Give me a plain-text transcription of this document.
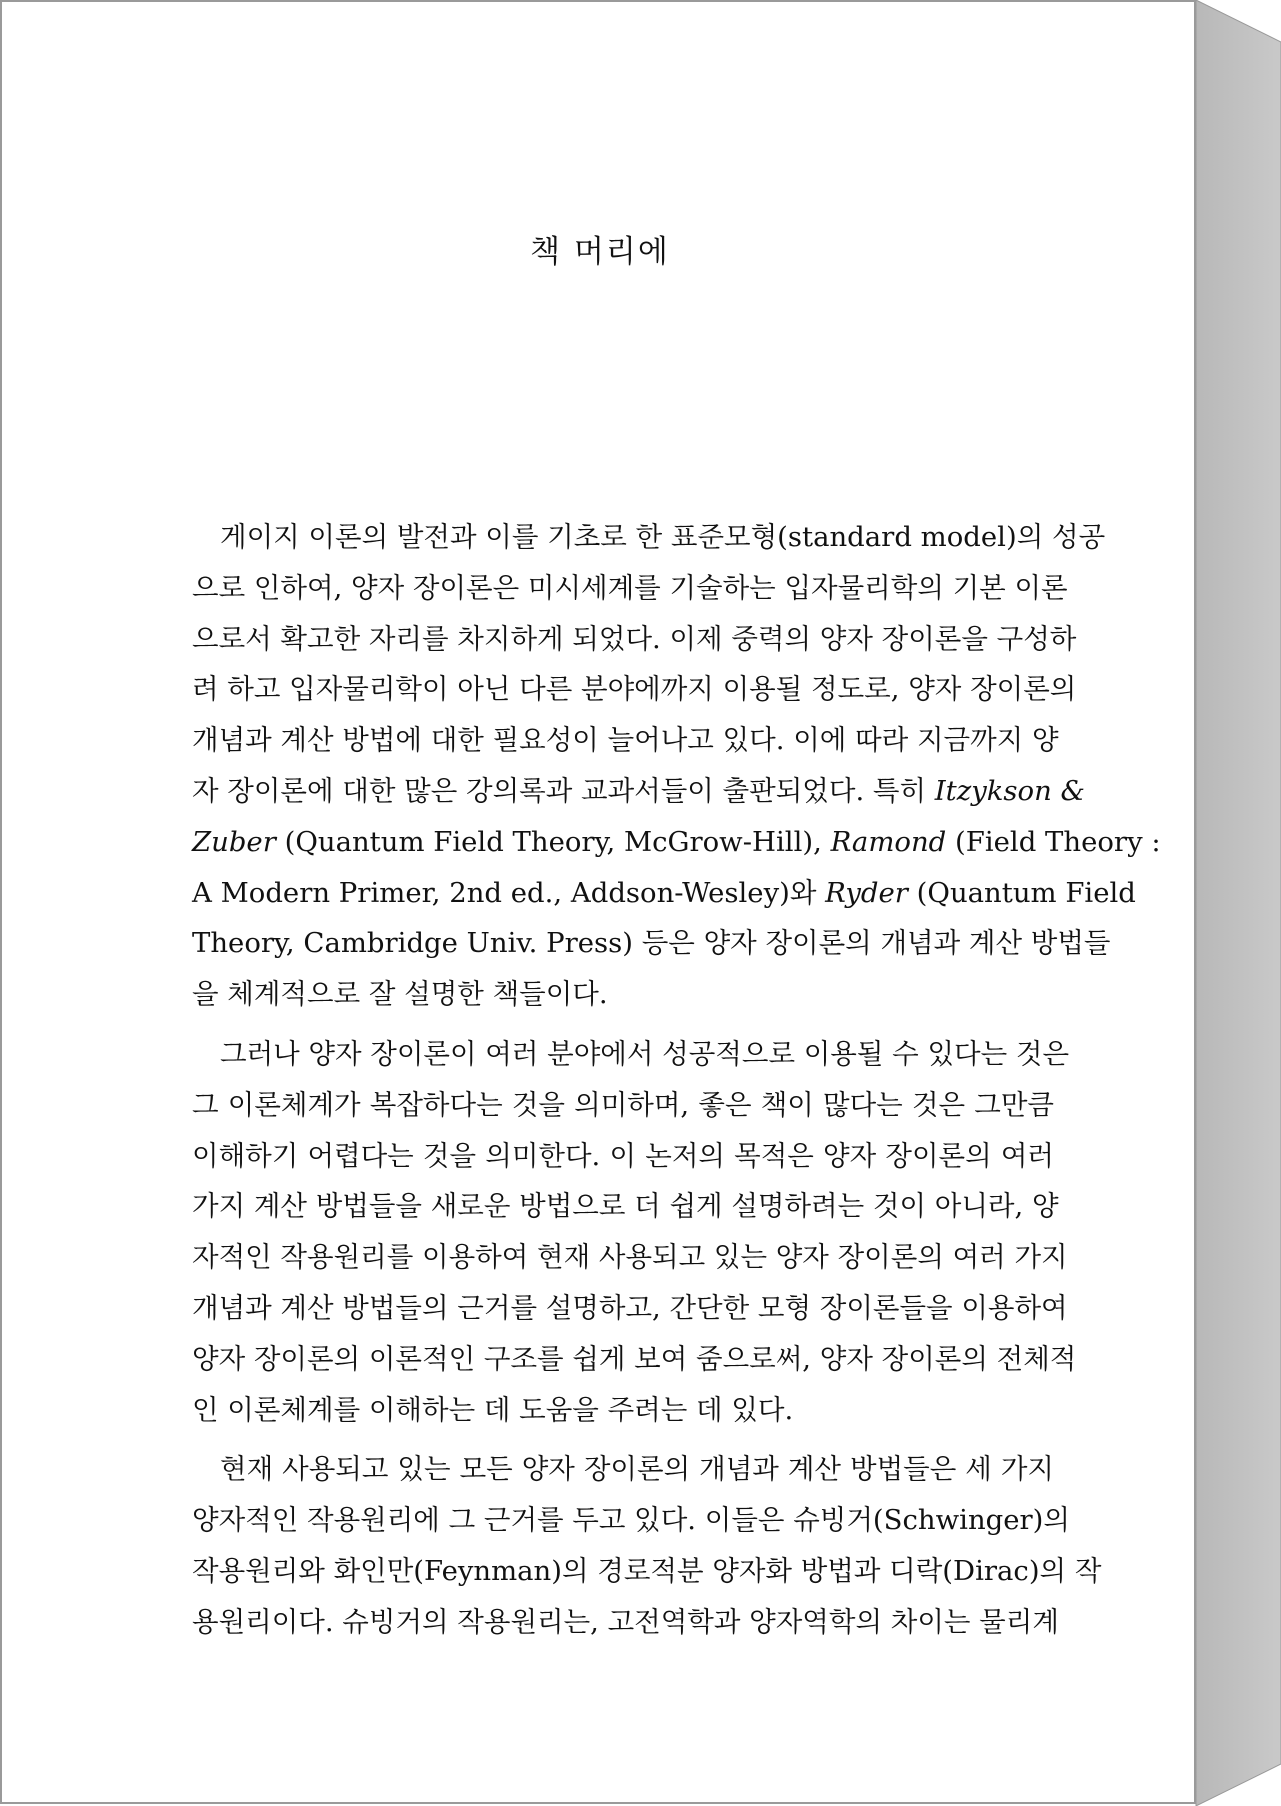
책 머리에
게이지 이론의 발전과 이를 기초로 한 표준모형(standard model)의 성공
으로 인하여, 양자 장이론은 미시세계를 기술하는 입자물리학의 기본 이론
으로서 확고한 자리를 차지하게 되었다. 이제 중력의 양자 장이론을 구성하
려 하고 입자물리학이 아닌 다른 분야에까지 이용될 정도로, 양자 장이론의
개념과 계산 방법에 대한 필요성이 늘어나고 있다. 이에 따라 지금까지 양
자 장이론에 대한 많은 강의록과 교과서들이 출판되었다. 특히 Itzykson &
Zuber (Quantum Field Theory, McGrow-Hill), Ramond (Field Theory :
A Modern Primer, 2nd ed., Addson-Wesley)와 Ryder (Quantum Field
Theory, Cambridge Univ. Press) 등은 양자 장이론의 개념과 계산 방법들
을 체계적으로 잘 설명한 책들이다.
그러나 양자 장이론이 여러 분야에서 성공적으로 이용될 수 있다는 것은
그 이론체계가 복잡하다는 것을 의미하며, 좋은 책이 많다는 것은 그만큼
이해하기 어렵다는 것을 의미한다. 이 논저의 목적은 양자 장이론의 여러
가지 계산 방법들을 새로운 방법으로 더 쉽게 설명하려는 것이 아니라, 양
자적인 작용원리를 이용하여 현재 사용되고 있는 양자 장이론의 여러 가지
개념과 계산 방법들의 근거를 설명하고, 간단한 모형 장이론들을 이용하여
양자 장이론의 이론적인 구조를 쉽게 보여 줌으로써, 양자 장이론의 전체적
인 이론체계를 이해하는 데 도움을 주려는 데 있다.
현재 사용되고 있는 모든 양자 장이론의 개념과 계산 방법들은 세 가지
양자적인 작용원리에 그 근거를 두고 있다. 이들은 슈빙거(Schwinger)의
작용원리와 화인만(Feynman)의 경로적분 양자화 방법과 디락(Dirac)의 작
용원리이다. 슈빙거의 작용원리는, 고전역학과 양자역학의 차이는 물리계
